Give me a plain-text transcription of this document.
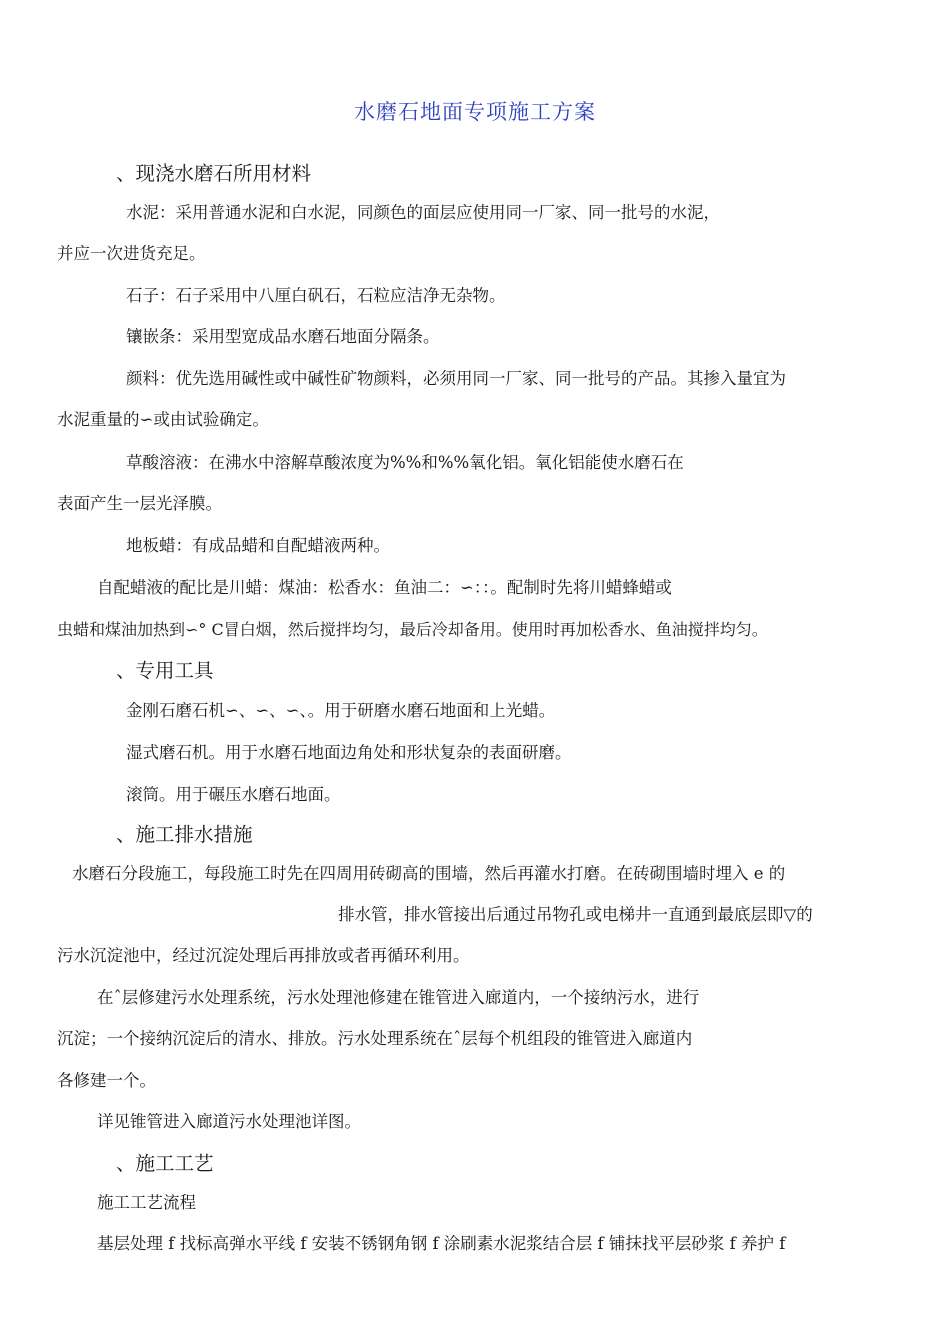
水磨石地面专项施工方案
、现浇水磨石所用材料
水泥：采用普通水泥和白水泥，同颜色的面层应使用同一厂家、同一批号的水泥，
并应一次进货充足。
石子：石子采用中八厘白矾石，石粒应洁净无杂物。
镶嵌条：采用型宽成品水磨石地面分隔条。
颜料：优先选用碱性或中碱性矿物颜料，必须用同一厂家、同一批号的产品。其掺入量宜为
水泥重量的∽或由试验确定。
草酸溶液：在沸水中溶解草酸浓度为%%和%%氧化铝。氧化铝能使水磨石在
表面产生一层光泽膜。
地板蜡：有成品蜡和自配蜡液两种。
自配蜡液的配比是川蜡：煤油：松香水：鱼油二：∽：：。配制时先将川蜡蜂蜡或
虫蜡和煤油加热到∽° C冒白烟，然后搅拌均匀，最后冷却备用。使用时再加松香水、鱼油搅拌均匀。
、专用工具
金刚石磨石机∽、∽、∽、。用于研磨水磨石地面和上光蜡。
湿式磨石机。用于水磨石地面边角处和形状复杂的表面研磨。
滚筒。用于碾压水磨石地面。
、施工排水措施
水磨石分段施工，每段施工时先在四周用砖砌高的围墙，然后再灌水打磨。在砖砌围墙时埋入 e 的
排水管，排水管接出后通过吊物孔或电梯井一直通到最底层即▽的
污水沉淀池中，经过沉淀处理后再排放或者再循环利用。
在ˆ层修建污水处理系统，污水处理池修建在锥管进入廊道内，一个接纳污水，进行
沉淀；一个接纳沉淀后的清水、排放。污水处理系统在ˆ层每个机组段的锥管进入廊道内
各修建一个。
详见锥管进入廊道污水处理池详图。
、施工工艺
施工工艺流程
基层处理 f 找标高弹水平线 f 安装不锈钢角钢 f 涂刷素水泥浆结合层 f 铺抹找平层砂浆 f 养护 f
